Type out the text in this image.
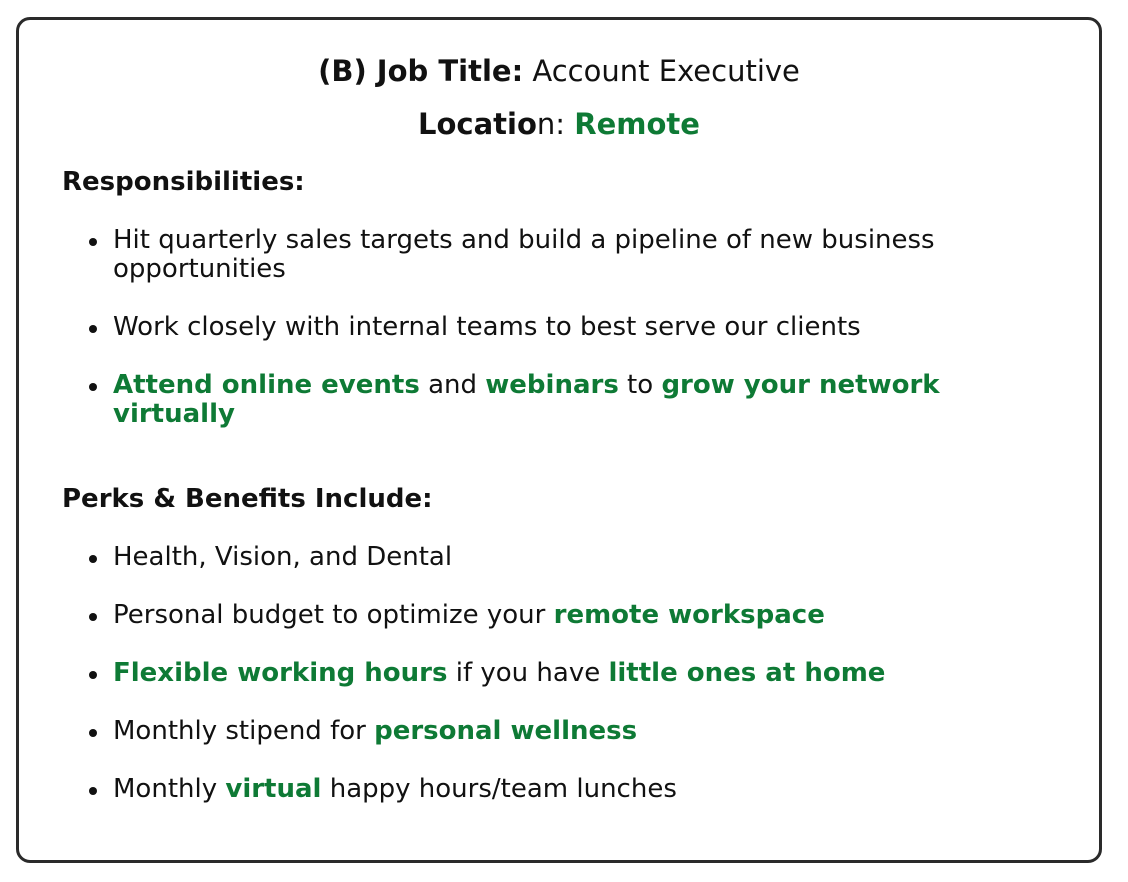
(B) Job Title: Account Executive
Location: Remote
Responsibilities:
Hit quarterly sales targets and build a pipeline of new business opportunities
Work closely with internal teams to best serve our clients
Attend online events and webinars to grow your network virtually
Perks & Benefits Include:
Health, Vision, and Dental
Personal budget to optimize your remote workspace
Flexible working hours if you have little ones at home
Monthly stipend for personal wellness
Monthly virtual happy hours/team lunches
